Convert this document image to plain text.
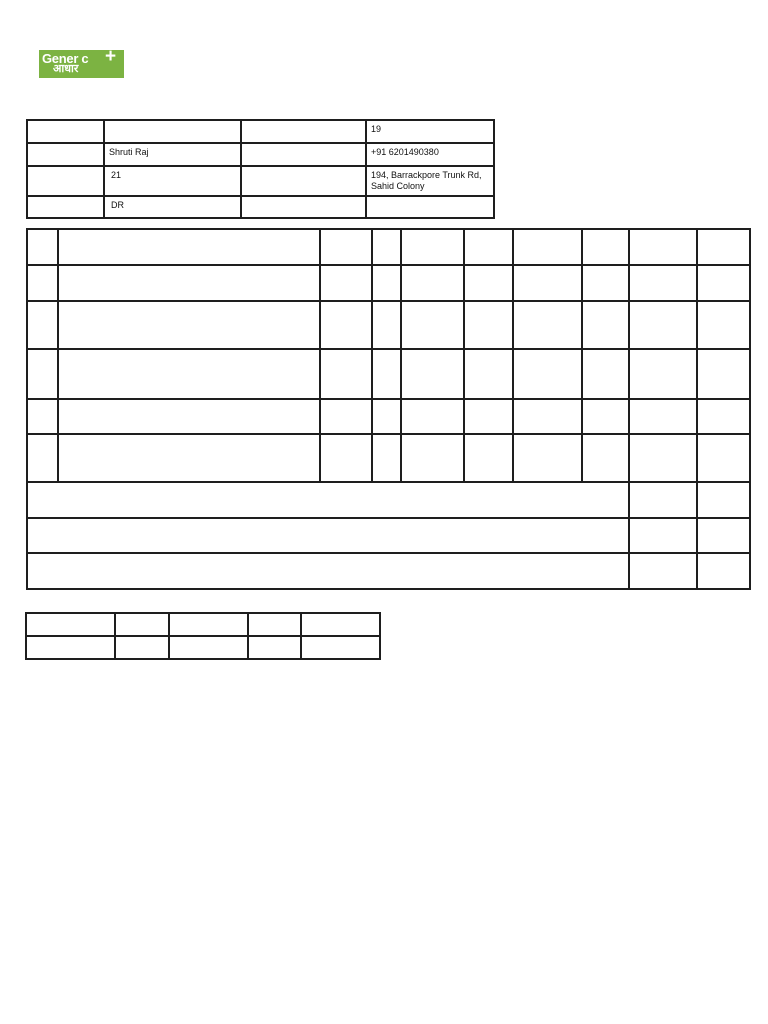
Gener c
आधार
+

			19

	Shruti Raj		+91 6201490380

	21		194, Barrackpore Trunk Rd, Sahid Colony

	DR		
